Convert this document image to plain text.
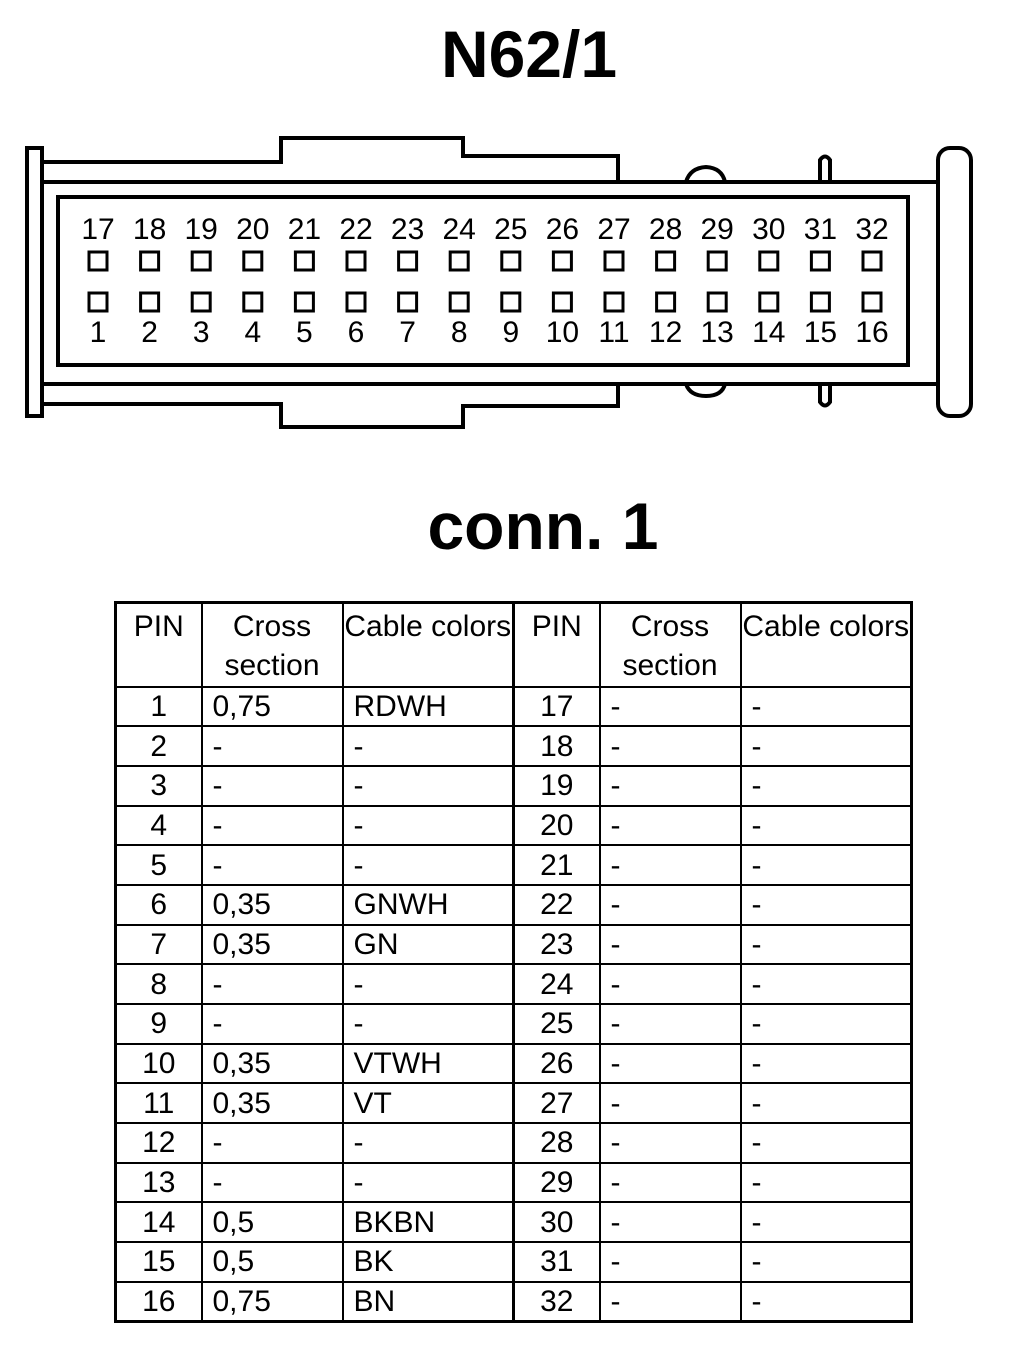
N62/1
17 18 19 20 21 22 23 24 25 26 27 28 29 30 31 32
1 2 3 4 5 6 7 8 9 10 11 12 13 14 15 16
conn. 1
PIN	Cross section	Cable colors	PIN	Cross section	Cable colors
1	0,75	RDWH	17	-	-
2	-	-	18	-	-
3	-	-	19	-	-
4	-	-	20	-	-
5	-	-	21	-	-
6	0,35	GNWH	22	-	-
7	0,35	GN	23	-	-
8	-	-	24	-	-
9	-	-	25	-	-
10	0,35	VTWH	26	-	-
11	0,35	VT	27	-	-
12	-	-	28	-	-
13	-	-	29	-	-
14	0,5	BKBN	30	-	-
15	0,5	BK	31	-	-
16	0,75	BN	32	-	-
